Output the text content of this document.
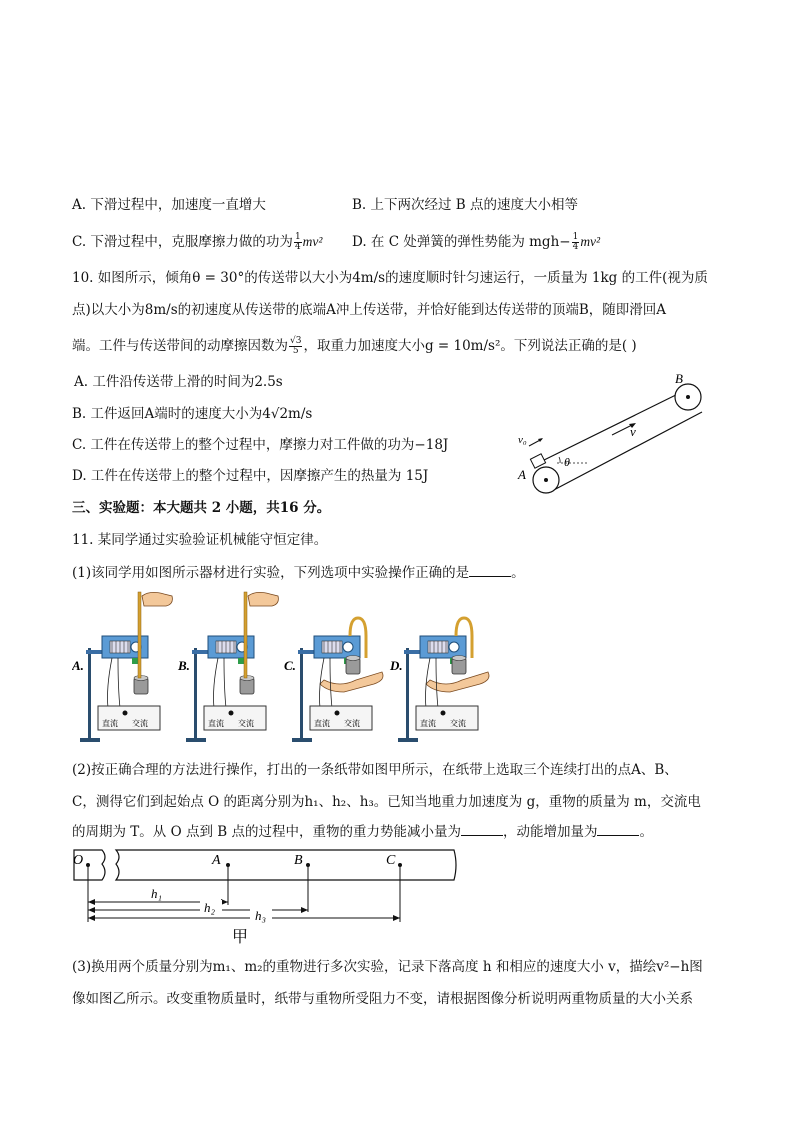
A. 下滑过程中，加速度一直增大	B. 上下两次经过 B 点的速度大小相等
C. 下滑过程中，克服摩擦力做的功为 $\frac{1}{4} mv^2$ D. 在 C 处弹簧的弹性势能为 $mgh- \frac{1}{4} mv^2$
10. 如图所示，倾角θ = 30°的传送带以大小为4m/s的速度顺时针匀速运行，一质量为 1kg 的工件(视为质
点)以大小为8m/s的初速度从传送带的底端A冲上传送带，并恰好能到达传送带的顶端B，随即滑回A
端。工件与传送带间的动摩擦因数为 $\frac{√3}{5}$ ，取重力加速度大小g = 10m/s²。下列说法正确的是( )
A. 工件沿传送带上滑的时间为2.5s
B. 工件返回A端时的速度大小为4√2m/s
C. 工件在传送带上的整个过程中，摩擦力对工件做的功为−18J
D. 工件在传送带上的整个过程中，因摩擦产生的热量为 15J
B
A
v₀
v
θ
三、实验题：本大题共 2 小题，共16 分。
11. 某同学通过实验验证机械能守恒定律。
(1)该同学用如图所示器材进行实验，下列选项中实验操作正确的是	。
A.
直流 交流
B.
直流 交流
C.
直流 交流
D.
直流 交流
(2)按正确合理的方法进行操作，打出的一条纸带如图甲所示，在纸带上选取三个连续打出的点A、B、
C，测得它们到起始点 O 的距离分别为h₁、h₂、h₃。已知当地重力加速度为 g，重物的质量为 m，交流电
的周期为 T。从 O 点到 B 点的过程中，重物的重力势能减小量为	，动能增加量为	。
O	A	B	C
h₁
h₂
h₃
甲
(3)换用两个质量分别为m₁、m₂的重物进行多次实验，记录下落高度 h 和相应的速度大小 v，描绘v²−h图
像如图乙所示。改变重物质量时，纸带与重物所受阻力不变，请根据图像分析说明两重物质量的大小关系
